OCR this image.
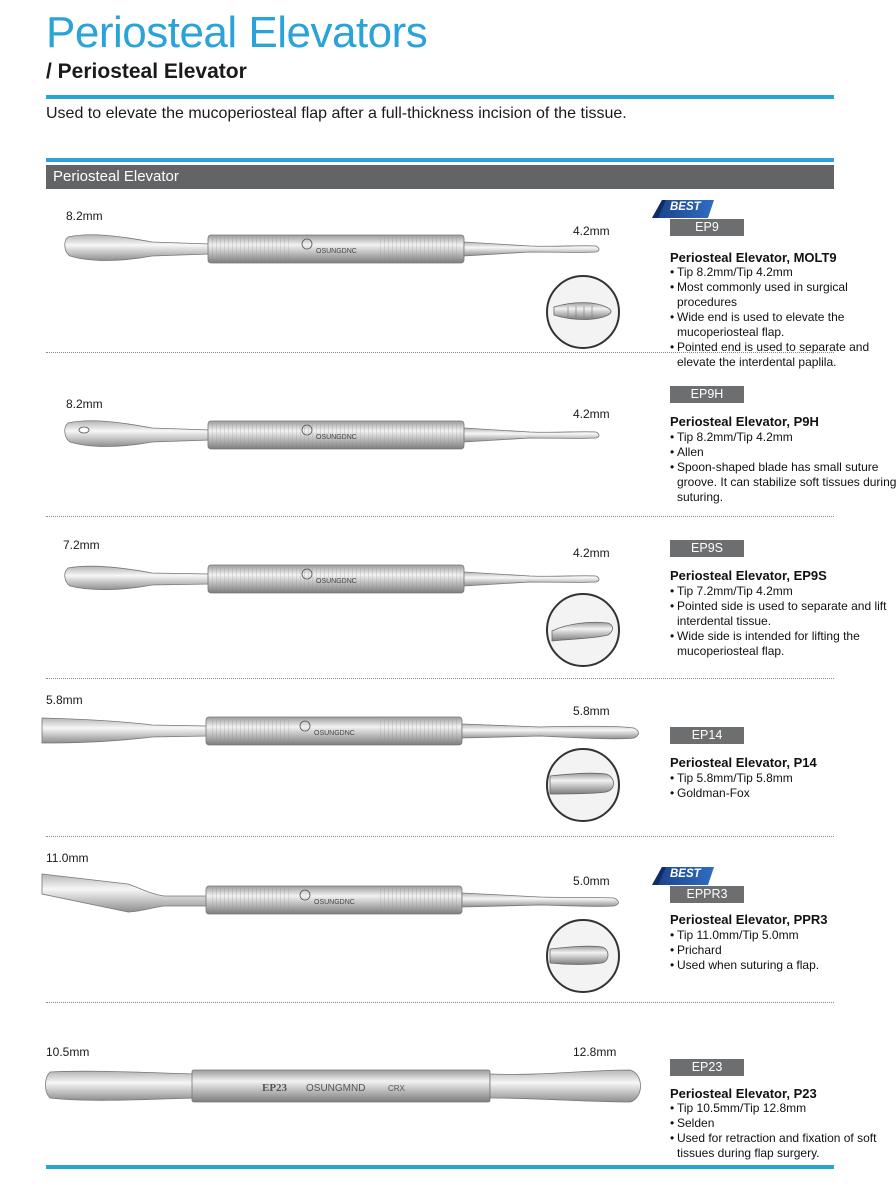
Periosteal Elevators
/ Periosteal Elevator
Used to elevate the mucoperiosteal flap after a full-thickness incision of the tissue.
Periosteal Elevator
8.2mm
4.2mm
OSUNGDNC
BEST
EP9
Periosteal Elevator, MOLT9
• Tip 8.2mm/Tip 4.2mm
• Most commonly used in surgical procedures
• Wide end is used to elevate the mucoperiosteal flap.
• Pointed end is used to separate and elevate the interdental paplila.
8.2mm
4.2mm
OSUNGDNC
EP9H
Periosteal Elevator, P9H
• Tip 8.2mm/Tip 4.2mm
• Allen
• Spoon-shaped blade has small suture groove. It can stabilize soft tissues during suturing.
7.2mm
4.2mm
OSUNGDNC
EP9S
Periosteal Elevator, EP9S
• Tip 7.2mm/Tip 4.2mm
• Pointed side is used to separate and lift interdental tissue.
• Wide side is intended for lifting the mucoperiosteal flap.
5.8mm
5.8mm
OSUNGDNC	EP14
Periosteal Elevator, P14
• Tip 5.8mm/Tip 5.8mm
• Goldman-Fox
11.0mm
5.0mm
OSUNGDNC
BEST
EPPR3
Periosteal Elevator, PPR3
• Tip 11.0mm/Tip 5.0mm
• Prichard
• Used when suturing a flap.
10.5mm	12.8mm
EP23 OSUNGMND	CRX
EP23
Periosteal Elevator, P23
• Tip 10.5mm/Tip 12.8mm
• Selden
• Used for retraction and fixation of soft tissues during flap surgery.
